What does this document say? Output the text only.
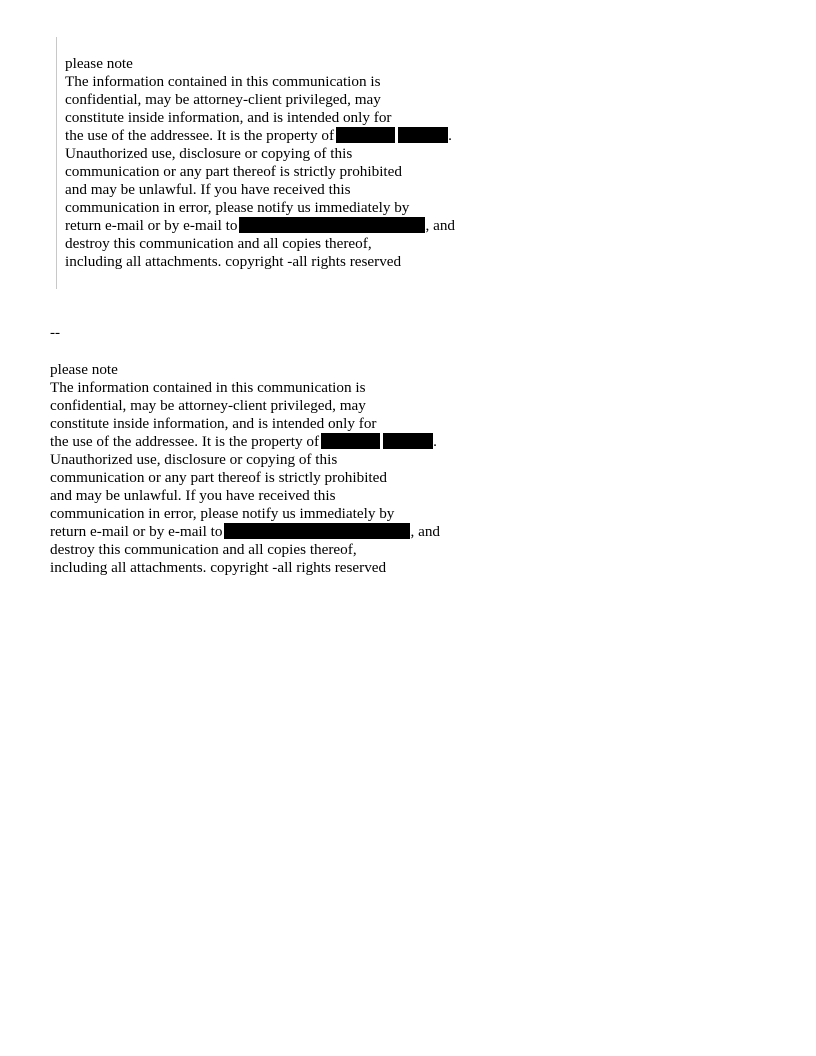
please note
The information contained in this communication is
confidential, may be attorney-client privileged, may
constitute inside information, and is intended only for
the use of the addressee. It is the property of	.
Unauthorized use, disclosure or copying of this
communication or any part thereof is strictly prohibited
and may be unlawful. If you have received this
communication in error, please notify us immediately by
return e-mail or by e-mail to	, and
destroy this communication and all copies thereof,
including all attachments. copyright -all rights reserved
--
please note
The information contained in this communication is
confidential, may be attorney-client privileged, may
constitute inside information, and is intended only for
the use of the addressee. It is the property of	.
Unauthorized use, disclosure or copying of this
communication or any part thereof is strictly prohibited
and may be unlawful. If you have received this
communication in error, please notify us immediately by
return e-mail or by e-mail to	, and
destroy this communication and all copies thereof,
including all attachments. copyright -all rights reserved
